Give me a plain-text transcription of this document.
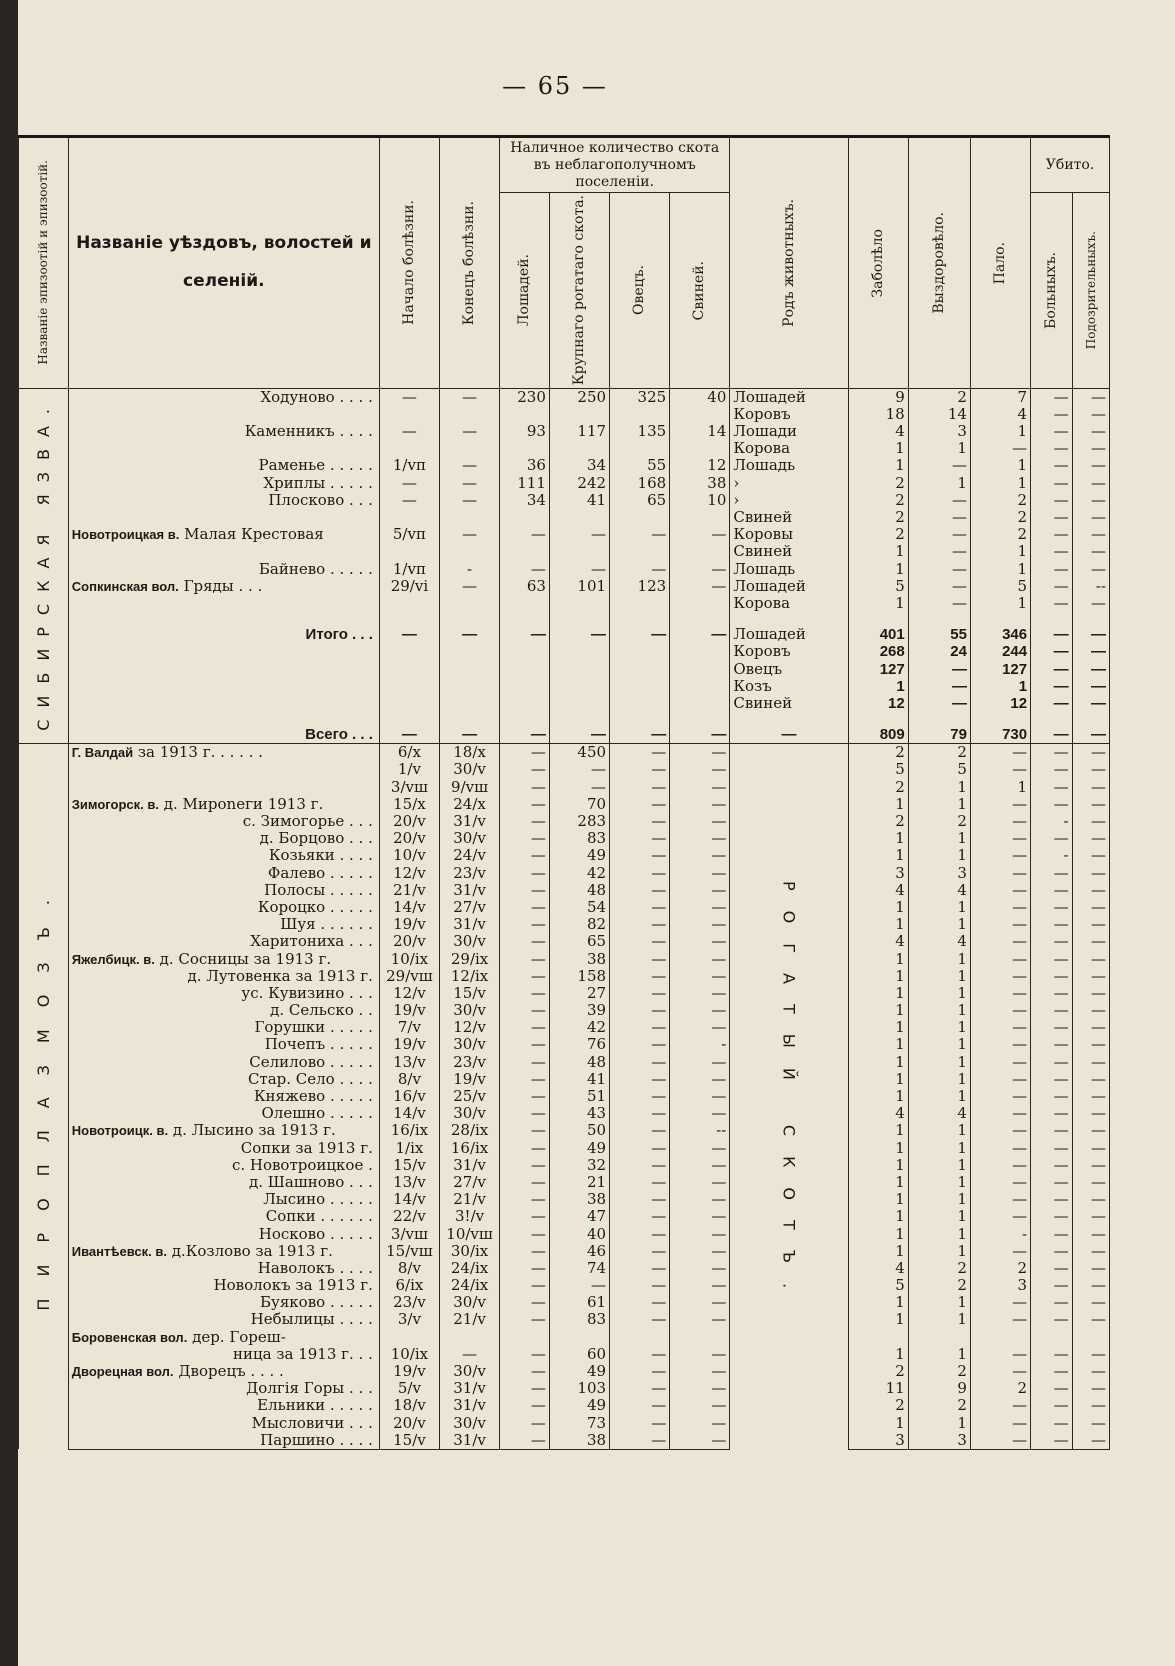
— 65 —
Названіе эпизоотій и эпизоотій.	Названіе уѣздовъ, волостей и селеній.	Начало болѣзни.	Конецъ болѣзни.	Наличное количество скота въ неблагополучномъ поселеніи.				Родъ животныхъ.	Заболѣло	Выздоровѣло.	Пало.	Убито.	

				Лошадей.	Крупнаго рогатаго скота.	Овецъ.	Свиней.					Больныхъ.	Подозрительныхъ.

СИБИРСКАЯ ЯЗВА.	Ходуново . . . .	—	—	230	250	325	40	Лошадей	9	2	7	—	—
								Коровъ	18	14	4	—	—
	Каменникъ . . . .	—	—	93	117	135	14	Лошади	4	3	1	—	—
								Корова	1	1	—	—	—
	Раменье . . . . .	1/vп	—	36	34	55	12	Лошадь	1	—	1	—	—
	Хриплы . . . . .	—	—	111	242	168	38	›	2	1	1	—	—
	Плосково . . .	—	—	34	41	65	10	›	2	—	2	—	—
								Свиней	2	—	2	—	—
	Новотроицкая в. Малая Крестовая	5/vп	—	—	—	—	—	Коровы	2	—	2	—	—
								Свиней	1	—	1	—	—
	Байнево . . . . .	1/vп	-	—	—	—	—	Лошадь	1	—	1	—	—
	Сопкинская вол. Гряды . . .	29/vi	—	63	101	123	—	Лошадей	5	—	5	—	--
								Корова	1	—	1	—	—

	Итого . . .	—	—	—	—	—	—	Лошадей	401	55	346	—	—
								Коровъ	268	24	244	—	—
								Овецъ	127	—	127	—	—
								Козъ	1	—	1	—	—
								Свиней	12	—	12	—	—

	Всего . . .	—	—	—	—	—	—	—	809	79	730	—	—
ПИРОПЛАЗМОЗЪ.	Г. Валдай за 1913 г. . . . . .	6/x	18/x	—	450	—	—	РОГАТЫЙ СКОТЪ.	2	2	—	—	—
		1/v	30/v	—	—	—	—		5	5	—	—	—
		3/vш	9/vш	—	—	—	—		2	1	1	—	—
	Зимогорск. в. д. Мироnеги 1913 г.	15/x	24/x	—	70	—	—		1	1	—	—	—
	с. Зимогорье . . .	20/v	31/v	—	283	—	—		2	2	—	-	—
	д. Борцово . . .	20/v	30/v	—	83	—	—		1	1	—	—	—
	Козьяки . . . .	10/v	24/v	—	49	—	—		1	1	—	-	—
	Фалево . . . . .	12/v	23/v	—	42	—	—		3	3	—	—	—
	Полосы . . . . .	21/v	31/v	—	48	—	—		4	4	—	—	—
	Короцко . . . . .	14/v	27/v	—	54	—	—		1	1	—	—	—
	Шуя . . . . . .	19/v	31/v	—	82	—	—		1	1	—	—	—
	Харитониха . . .	20/v	30/v	—	65	—	—		4	4	—	—	—
	Яжелбицк. в. д. Сосницы за 1913 г.	10/ix	29/ix	—	38	—	—		1	1	—	—	—
	д. Лутовенка за 1913 г.	29/vш	12/ix	—	158	—	—		1	1	—	—	—
	ус. Кувизино . . .	12/v	15/v	—	27	—	—		1	1	—	—	—
	д. Сельско . .	19/v	30/v	—	39	—	—		1	1	—	—	—
	Горушки . . . . .	7/v	12/v	—	42	—	—		1	1	—	—	—
	Почепъ . . . . .	19/v	30/v	—	76	—	-		1	1	—	—	—
	Селилово . . . . .	13/v	23/v	—	48	—	—		1	1	—	—	—
	Стар. Село . . . .	8/v	19/v	—	41	—	—		1	1	—	—	—
	Княжево . . . . .	16/v	25/v	—	51	—	—		1	1	—	—	—
	Олешно . . . . .	14/v	30/v	—	43	—	—		4	4	—	—	—
	Новотроицк. в. д. Лысино за 1913 г.	16/ix	28/ix	—	50	—	--		1	1	—	—	—
	Сопки за 1913 г.	1/ix	16/ix	—	49	—	—		1	1	—	—	—
	с. Новотроицкое .	15/v	31/v	—	32	—	—		1	1	—	—	—
	д. Шашново . . .	13/v	27/v	—	21	—	—		1	1	—	—	—
	Лысино . . . . .	14/v	21/v	—	38	—	—		1	1	—	—	—
	Сопки . . . . . .	22/v	3!/v	—	47	—	—		1	1	—	—	—
	Носково . . . . .	3/vш	10/vш	—	40	—	—		1	1	-	—	—
	Ивантѣевск. в. д.Козлово за 1913 г.	15/vш	30/ix	—	46	—	—		1	1	—	—	—
	Наволокъ . . . .	8/v	24/ix	—	74	—	—		4	2	2	—	—
	Новолокъ за 1913 г.	6/ix	24/ix	—	—	—	—		5	2	3	—	—
	Буяково . . . . .	23/v	30/v	—	61	—	—		1	1	—	—	—
	Небылицы . . . .	3/v	21/v	—	83	—	—		1	1	—	—	—
	Боровенская вол. дер. Гореш-												
	ница за 1913 г. . .	10/ix	—	—	60	—	—		1	1	—	—	—
	Дворецная вол. Дворецъ . . . .	19/v	30/v	—	49	—	—		2	2	—	—	—
	Долгія Горы . . .	5/v	31/v	—	103	—	—		11	9	2	—	—
	Ельники . . . . .	18/v	31/v	—	49	—	—		2	2	—	—	—
	Мысловичи . . .	20/v	30/v	—	73	—	—		1	1	—	—	—
	Паршино . . . .	15/v	31/v	—	38	—	—		3	3	—	—	—
